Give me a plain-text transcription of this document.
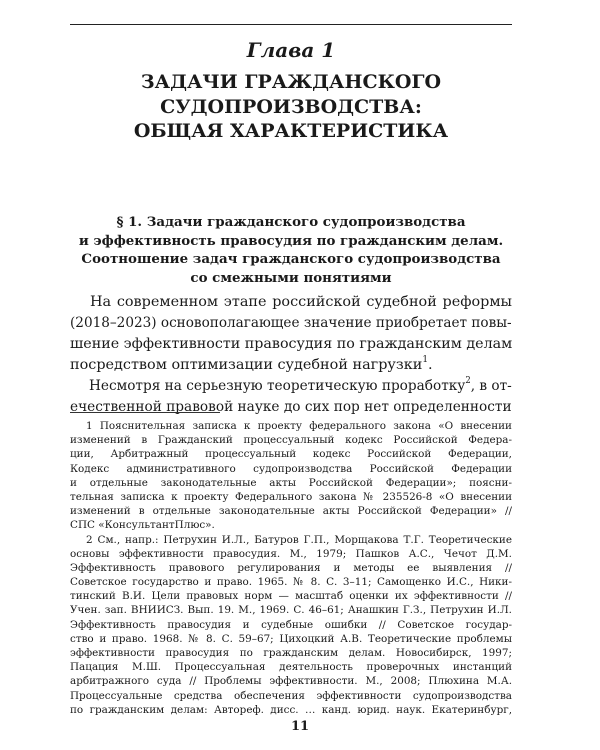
Глава 1
ЗАДАЧИ ГРАЖДАНСКОГО
СУДОПРОИЗВОДСТВА:
ОБЩАЯ ХАРАКТЕРИСТИКА
§ 1. Задачи гражданского судопроизводства
и эффективность правосудия по гражданским делам.
Соотношение задач гражданского судопроизводства
со смежными понятиями
На современном этапе российской судебной реформы
(2018–2023) основополагающее значение приобретает повы-
шение эффективности правосудия по гражданским делам
посредством оптимизации судебной нагрузки$^1$.
Несмотря на серьезную теоретическую проработку$^2$, в от-
ечественной правовой науке до сих пор нет определенности
1 Пояснительная записка к проекту федерального закона «О внесении
изменений в Гражданский процессуальный кодекс Российской Федера-
ции, Арбитражный процессуальный кодекс Российской Федерации,
Кодекс административного судопроизводства Российской Федерации
и отдельные законодательные акты Российской Федерации»; поясни-
тельная записка к проекту Федерального закона № 235526-8 «О внесении
изменений в отдельные законодательные акты Российской Федерации» //
СПС «КонсультантПлюс».
2 См., напр.: Петрухин И.Л., Батуров Г.П., Морщакова Т.Г. Теоретические
основы эффективности правосудия. М., 1979; Пашков А.С., Чечот Д.М.
Эффективность правового регулирования и методы ее выявления //
Советское государство и право. 1965. № 8. С. 3–11; Самощенко И.С., Ники-
тинский В.И. Цели правовых норм — масштаб оценки их эффективности //
Учен. зап. ВНИИСЗ. Вып. 19. М., 1969. С. 46–61; Анашкин Г.З., Петрухин И.Л.
Эффективность правосудия и судебные ошибки // Советское государ-
ство и право. 1968. № 8. С. 59–67; Цихоцкий А.В. Теоретические проблемы
эффективности правосудия по гражданским делам. Новосибирск, 1997;
Пацация М.Ш. Процессуальная деятельность проверочных инстанций
арбитражного суда // Проблемы эффективности. М., 2008; Плюхина М.А.
Процессуальные средства обеспечения эффективности судопроизводства
по гражданским делам: Автореф. дисс. … канд. юрид. наук. Екатеринбург,
11
